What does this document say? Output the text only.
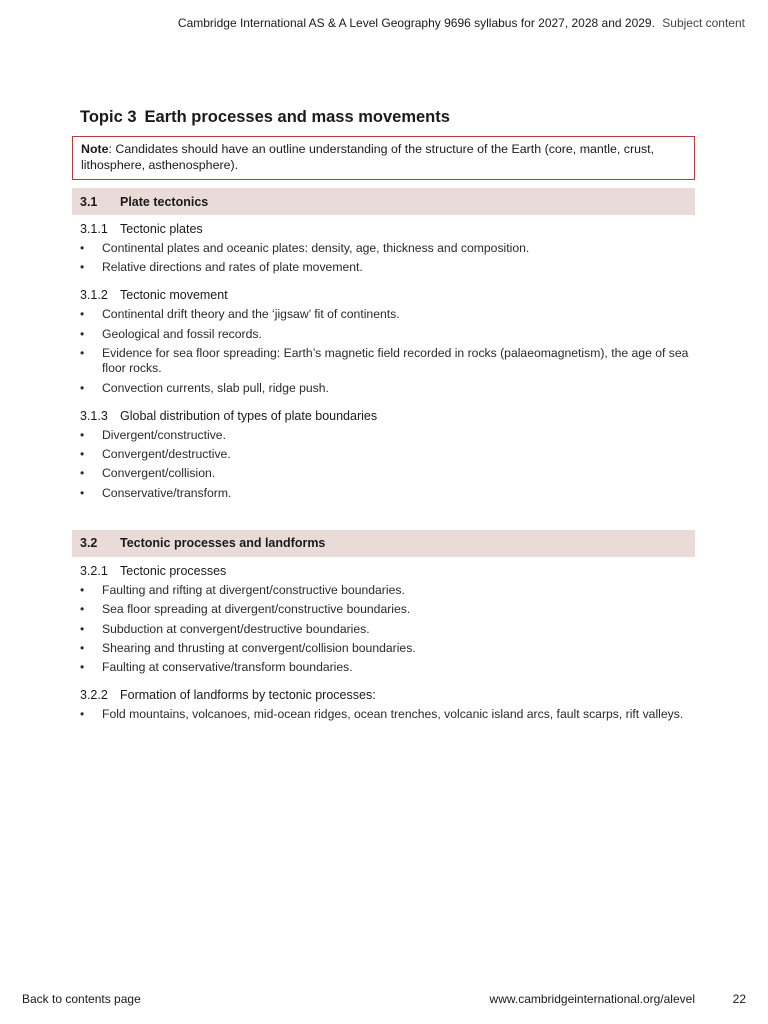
Cambridge International AS & A Level Geography 9696 syllabus for 2027, 2028 and 2029. Subject content
Topic 3 Earth processes and mass movements
Note: Candidates should have an outline understanding of the structure of the Earth (core, mantle, crust, lithosphere, asthenosphere).
3.1	Plate tectonics
3.1.1 Tectonic plates
• Continental plates and oceanic plates: density, age, thickness and composition.
• Relative directions and rates of plate movement.
3.1.2 Tectonic movement
• Continental drift theory and the ‘jigsaw’ fit of continents.
• Geological and fossil records.
• Evidence for sea floor spreading: Earth’s magnetic field recorded in rocks (palaeomagnetism), the age of sea floor rocks.
• Convection currents, slab pull, ridge push.
3.1.3 Global distribution of types of plate boundaries
• Divergent/constructive.
• Convergent/destructive.
• Convergent/collision.
• Conservative/transform.
3.2	Tectonic processes and landforms
3.2.1 Tectonic processes
• Faulting and rifting at divergent/constructive boundaries.
• Sea floor spreading at divergent/constructive boundaries.
• Subduction at convergent/destructive boundaries.
• Shearing and thrusting at convergent/collision boundaries.
• Faulting at conservative/transform boundaries.
3.2.2 Formation of landforms by tectonic processes:
• Fold mountains, volcanoes, mid-ocean ridges, ocean trenches, volcanic island arcs, fault scarps, rift valleys.
Back to contents page	www.cambridgeinternational.org/alevel	22
